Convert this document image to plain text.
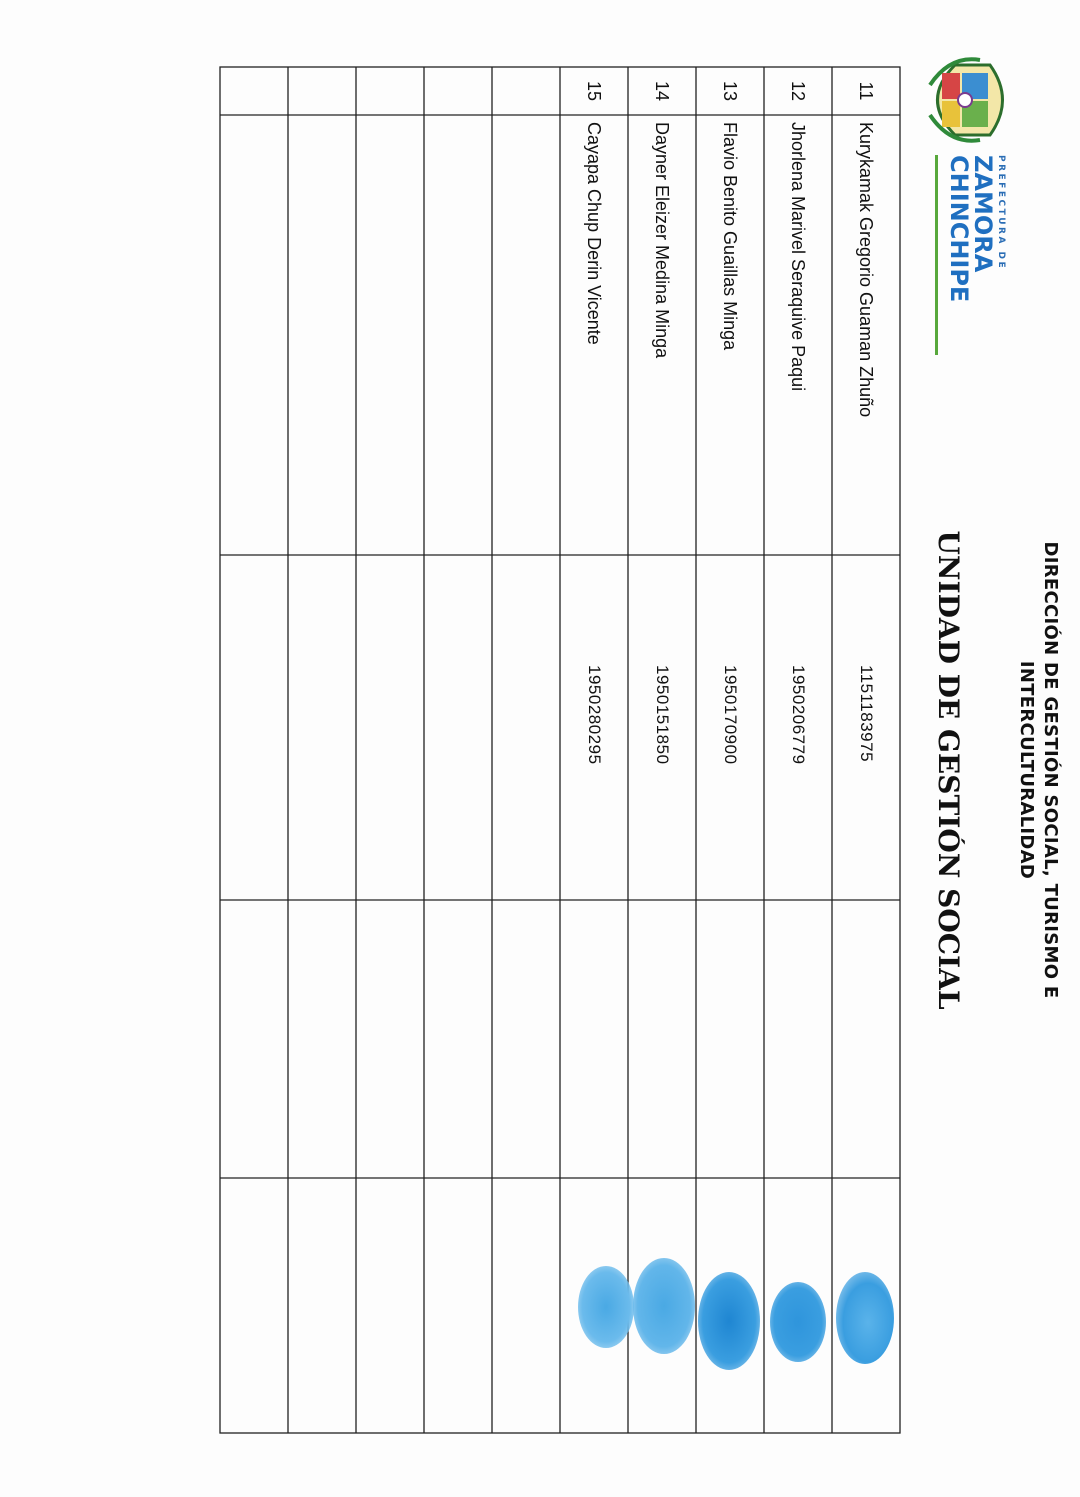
PREFECTURA DE
ZAMORA
CHINCHIPE
DIRECCIÓN DE GESTIÓN SOCIAL, TURISMO E
INTERCULTURALIDAD
UNIDAD DE GESTIÓN SOCIAL
11
Kurykamak Gregorio Guaman Zhuño
1151183975
12
Jhorlena Marivel Seraquive Paqui
1950206779
13
Flavio Benito Guaillas Minga
1950170900
14
Dayner Eleizer Medina Minga
1950151850
15
Cayapa Chup Derin Vicente
1950280295
